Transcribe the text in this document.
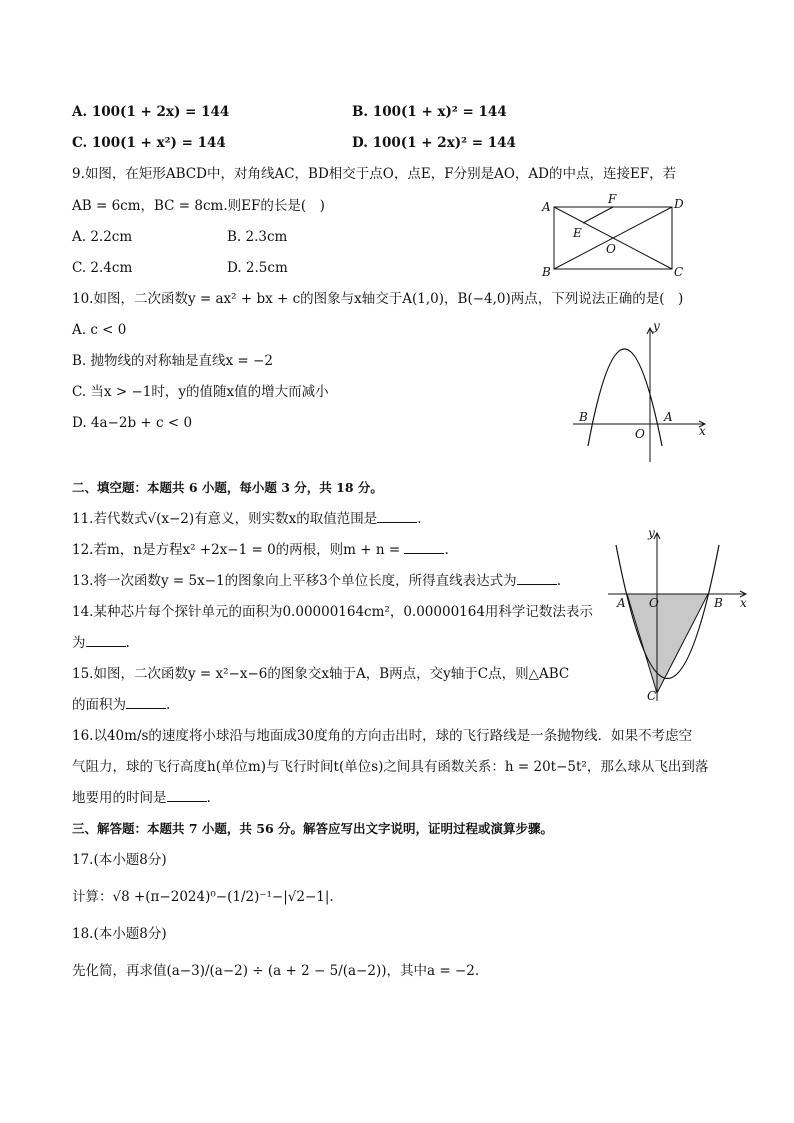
A. 100(1 + 2x) = 144	B. 100(1 + x)² = 144
C. 100(1 + x²) = 144	D. 100(1 + 2x)² = 144
9.如图，在矩形ABCD中，对角线AC，BD相交于点O，点E，F分别是AO，AD的中点，连接EF，若
AB = 6cm，BC = 8cm.则EF的长是(　)
A. 2.2cm	B. 2.3cm
C. 2.4cm	D. 2.5cm
A	D
B	C
F
E
O
10.如图，二次函数y = ax² + bx + c的图象与x轴交于A(1,0)，B(−4,0)两点，下列说法正确的是(　)
A. c < 0
B. 抛物线的对称轴是直线x = −2
C. 当x > −1时，y的值随x值的增大而减小
D. 4a−2b + c < 0
y
x
B	A
O
二、填空题：本题共 6 小题，每小题 3 分，共 18 分。
11.若代数式√(x−2)有意义，则实数x的取值范围是	.
12.若m，n是方程x² +2x−1 = 0的两根，则m + n =	.
13.将一次函数y = 5x−1的图象向上平移3个单位长度，所得直线表达式为	.
14.某种芯片每个探针单元的面积为0.00000164cm²，0.00000164用科学记数法表示
为	.
15.如图，二次函数y = x²−x−6的图象交x轴于A，B两点，交y轴于C点，则△ABC
的面积为	.
y
x
A O	B
C
16.以40m/s的速度将小球沿与地面成30度角的方向击出时，球的飞行路线是一条抛物线．如果不考虑空
气阻力，球的飞行高度h(单位m)与飞行时间t(单位s)之间具有函数关系：h = 20t−5t²，那么球从飞出到落
地要用的时间是	.
三、解答题：本题共 7 小题，共 56 分。解答应写出文字说明，证明过程或演算步骤。
17.(本小题8分)
计算：√8 +(π−2024)⁰−(1/2)⁻¹−|√2−1|.
18.(本小题8分)
先化简，再求值(a−3)/(a−2) ÷ (a + 2 − 5/(a−2))，其中a = −2.
